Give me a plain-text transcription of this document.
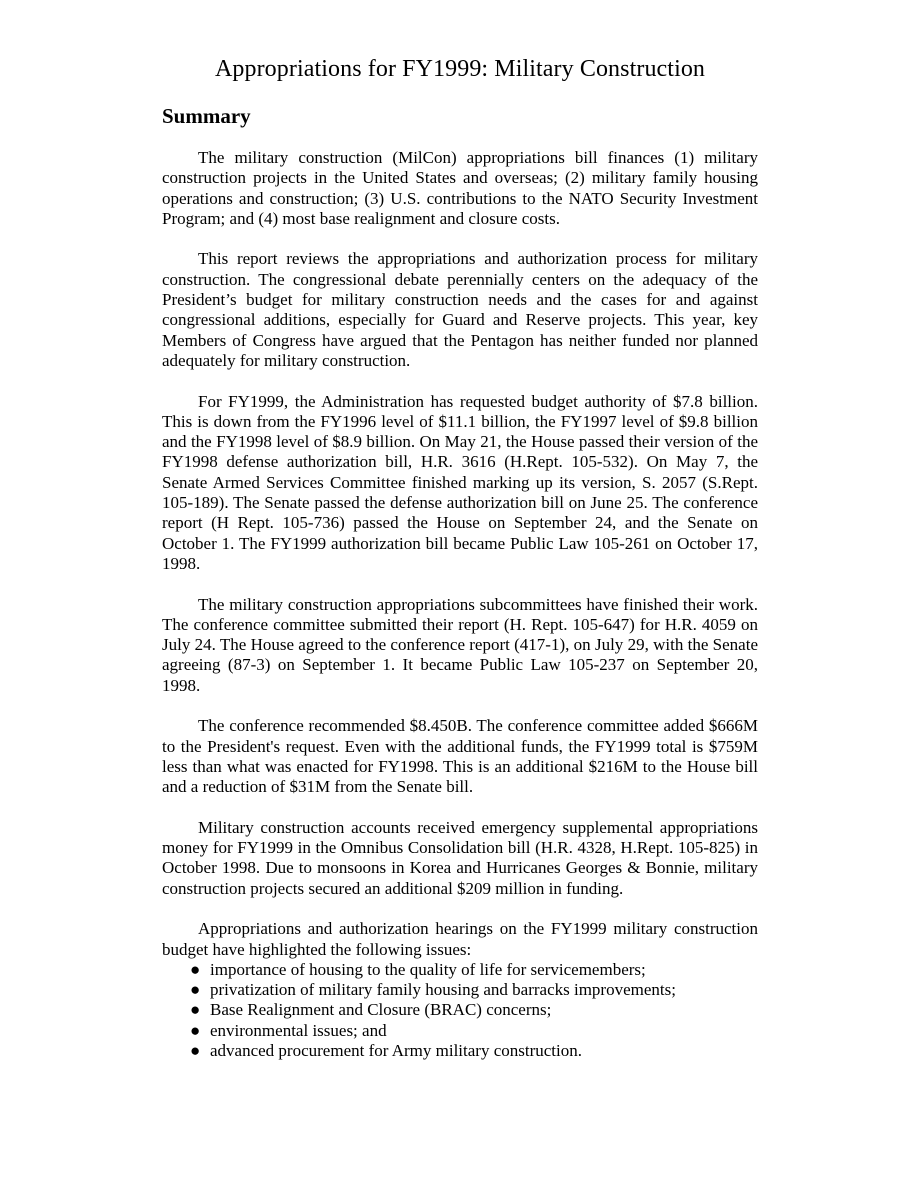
Appropriations for FY1999: Military Construction
Summary

The military construction (MilCon) appropriations bill finances (1) military construction projects in the United States and overseas; (2) military family housing operations and construction; (3) U.S. contributions to the NATO Security Investment Program; and (4) most base realignment and closure costs.

This report reviews the appropriations and authorization process for military construction. The congressional debate perennially centers on the adequacy of the President’s budget for military construction needs and the cases for and against congressional additions, especially for Guard and Reserve projects. This year, key Members of Congress have argued that the Pentagon has neither funded nor planned adequately for military construction.

For FY1999, the Administration has requested budget authority of $7.8 billion. This is down from the FY1996 level of $11.1 billion, the FY1997 level of $9.8 billion and the FY1998 level of $8.9 billion. On May 21, the House passed their version of the FY1998 defense authorization bill, H.R. 3616 (H.Rept. 105-532). On May 7, the Senate Armed Services Committee finished marking up its version, S. 2057 (S.Rept. 105-189). The Senate passed the defense authorization bill on June 25. The conference report (H Rept. 105-736) passed the House on September 24, and the Senate on October 1. The FY1999 authorization bill became Public Law 105-261 on October 17, 1998.

The military construction appropriations subcommittees have finished their work. The conference committee submitted their report (H. Rept. 105-647) for H.R. 4059 on July 24. The House agreed to the conference report (417-1), on July 29, with the Senate agreeing (87-3) on September 1. It became Public Law 105-237 on September 20, 1998.

The conference recommended $8.450B. The conference committee added $666M to the President's request. Even with the additional funds, the FY1999 total is $759M less than what was enacted for FY1998. This is an additional $216M to the House bill and a reduction of $31M from the Senate bill.

Military construction accounts received emergency supplemental appropriations money for FY1999 in the Omnibus Consolidation bill (H.R. 4328, H.Rept. 105-825) in October 1998. Due to monsoons in Korea and Hurricanes Georges & Bonnie, military construction projects secured an additional $209 million in funding.

Appropriations and authorization hearings on the FY1999 military construction budget have highlighted the following issues:

● importance of housing to the quality of life for servicemembers;
● privatization of military family housing and barracks improvements;
● Base Realignment and Closure (BRAC) concerns;
● environmental issues; and
● advanced procurement for Army military construction.
